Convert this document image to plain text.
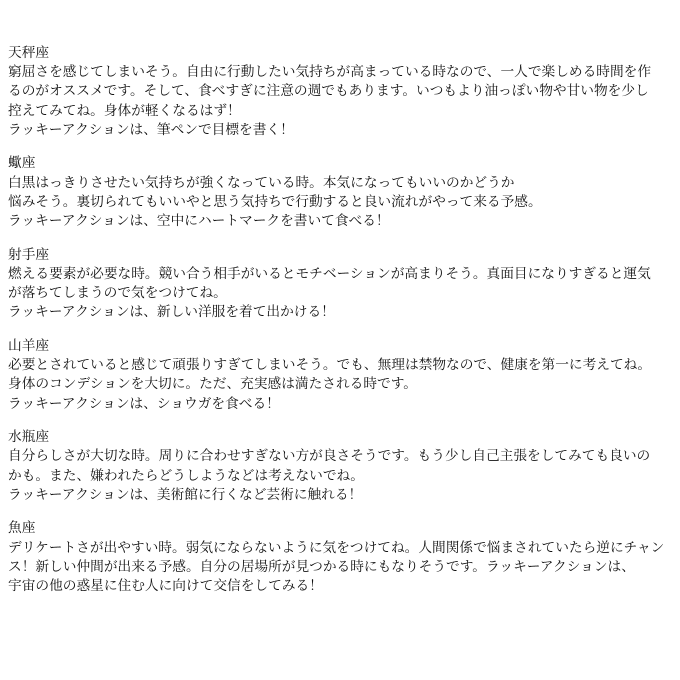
天秤座
窮屈さを感じてしまいそう。自由に行動したい気持ちが高まっている時なので、一人で楽しめる時間を作
るのがオススメです。そして、食べすぎに注意の週でもあります。いつもより油っぽい物や甘い物を少し
控えてみてね。身体が軽くなるはず！
ラッキーアクションは、筆ペンで目標を書く！
蠍座
白黒はっきりさせたい気持ちが強くなっている時。本気になってもいいのかどうか
悩みそう。裏切られてもいいやと思う気持ちで行動すると良い流れがやって来る予感。
ラッキーアクションは、空中にハートマークを書いて食べる！
射手座
燃える要素が必要な時。競い合う相手がいるとモチベーションが高まりそう。真面目になりすぎると運気
が落ちてしまうので気をつけてね。
ラッキーアクションは、新しい洋服を着て出かける！
山羊座
必要とされていると感じて頑張りすぎてしまいそう。でも、無理は禁物なので、健康を第一に考えてね。
身体のコンデションを大切に。ただ、充実感は満たされる時です。
ラッキーアクションは、ショウガを食べる！
水瓶座
自分らしさが大切な時。周りに合わせすぎない方が良さそうです。もう少し自己主張をしてみても良いの
かも。また、嫌われたらどうしようなどは考えないでね。
ラッキーアクションは、美術館に行くなど芸術に触れる！
魚座
デリケートさが出やすい時。弱気にならないように気をつけてね。人間関係で悩まされていたら逆にチャン
ス！新しい仲間が出来る予感。自分の居場所が見つかる時にもなりそうです。ラッキーアクションは、
宇宙の他の惑星に住む人に向けて交信をしてみる！
